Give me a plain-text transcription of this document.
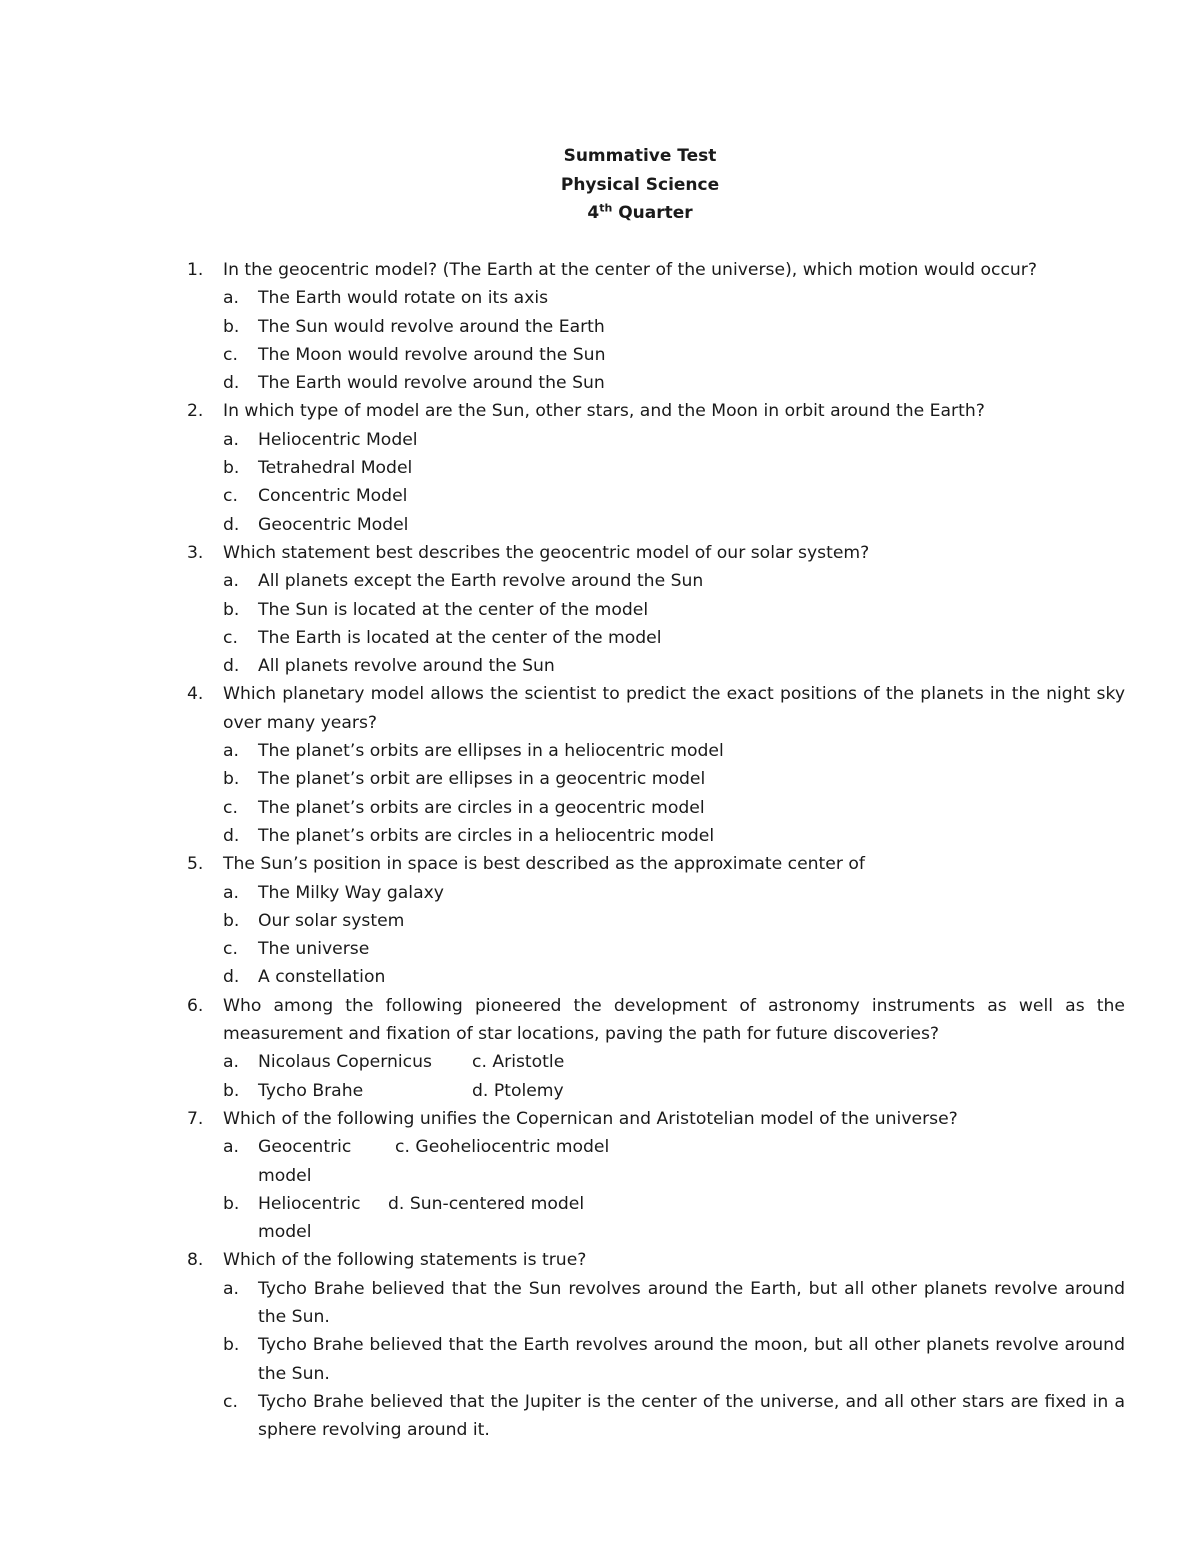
Summative Test
Physical Science
4th Quarter
1.	In the geocentric model? (The Earth at the center of the universe), which motion would occur?
a.	The Earth would rotate on its axis
b.	The Sun would revolve around the Earth
c.	The Moon would revolve around the Sun
d.	The Earth would revolve around the Sun
2.	In which type of model are the Sun, other stars, and the Moon in orbit around the Earth?
a.	Heliocentric Model
b.	Tetrahedral Model
c.	Concentric Model
d.	Geocentric Model
3.	Which statement best describes the geocentric model of our solar system?
a.	All planets except the Earth revolve around the Sun
b.	The Sun is located at the center of the model
c.	The Earth is located at the center of the model
d.	All planets revolve around the Sun
4.	Which planetary model allows the scientist to predict the exact positions of the planets in the night sky over many years?
a.	The planet’s orbits are ellipses in a heliocentric model
b.	The planet’s orbit are ellipses in a geocentric model
c.	The planet’s orbits are circles in a geocentric model
d.	The planet’s orbits are circles in a heliocentric model
5.	The Sun’s position in space is best described as the approximate center of
a.	The Milky Way galaxy
b.	Our solar system
c.	The universe
d.	A constellation
6.	Who among the following pioneered the development of astronomy instruments as well as the measurement and fixation of star locations, paving the path for future discoveries?
a.	Nicolaus Copernicus c. Aristotle
b.	Tycho Brahe	d. Ptolemy
7.	Which of the following unifies the Copernican and Aristotelian model of the universe?
a.	Geocentric model
c. Geoheliocentric model
b.	Heliocentric model
d. Sun-centered model
8.	Which of the following statements is true?
a.	Tycho Brahe believed that the Sun revolves around the Earth, but all other planets revolve around the Sun.
b.	Tycho Brahe believed that the Earth revolves around the moon, but all other planets revolve around the Sun.
c.	Tycho Brahe believed that the Jupiter is the center of the universe, and all other stars are fixed in a sphere revolving around it.
